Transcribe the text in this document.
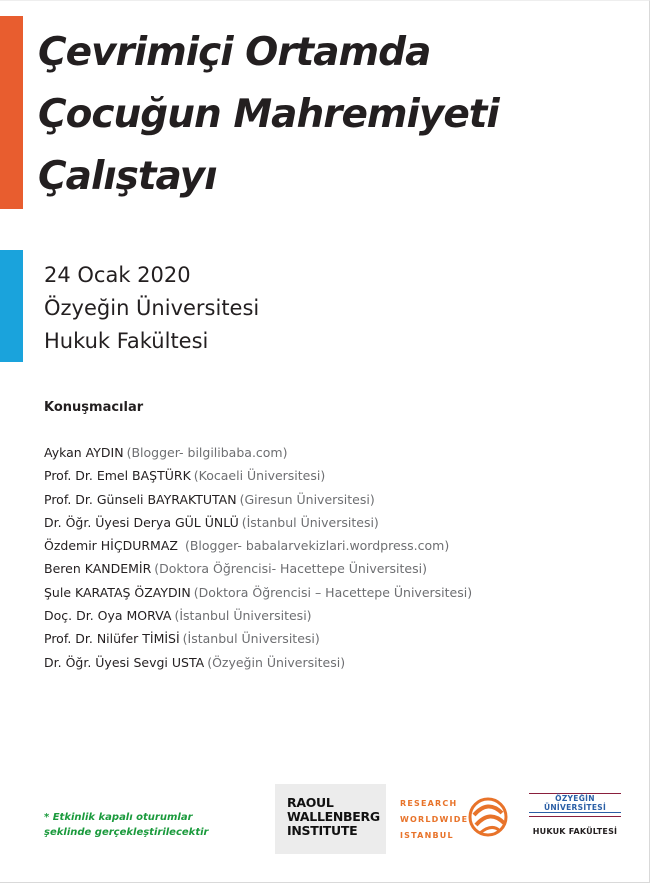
Çevrimiçi Ortamda
Çocuğun Mahremiyeti
Çalıştayı
24 Ocak 2020
Özyeğin Üniversitesi
Hukuk Fakültesi
Konuşmacılar
Aykan AYDIN (Blogger- bilgilibaba.com)
Prof. Dr. Emel BAŞTÜRK (Kocaeli Üniversitesi)
Prof. Dr. Günseli BAYRAKTUTAN (Giresun Üniversitesi)
Dr. Öğr. Üyesi Derya GÜL ÜNLÜ (İstanbul Üniversitesi)
Özdemir HİÇDURMAZ (Blogger- babalarvekizlari.wordpress.com)
Beren KANDEMİR (Doktora Öğrencisi- Hacettepe Üniversitesi)
Şule KARATAŞ ÖZAYDIN (Doktora Öğrencisi – Hacettepe Üniversitesi)
Doç. Dr. Oya MORVA (İstanbul Üniversitesi)
Prof. Dr. Nilüfer TİMİSİ (İstanbul Üniversitesi)
Dr. Öğr. Üyesi Sevgi USTA (Özyeğin Üniversitesi)
* Etkinlik kapalı oturumlar
şeklinde gerçekleştirilecektir
RAOUL
WALLENBERG
INSTITUTE
RESEARCH
WORLDWIDE
ISTANBUL
ÖZYEĞİN ÜNİVERSİTESİ
HUKUK FAKÜLTESİ
